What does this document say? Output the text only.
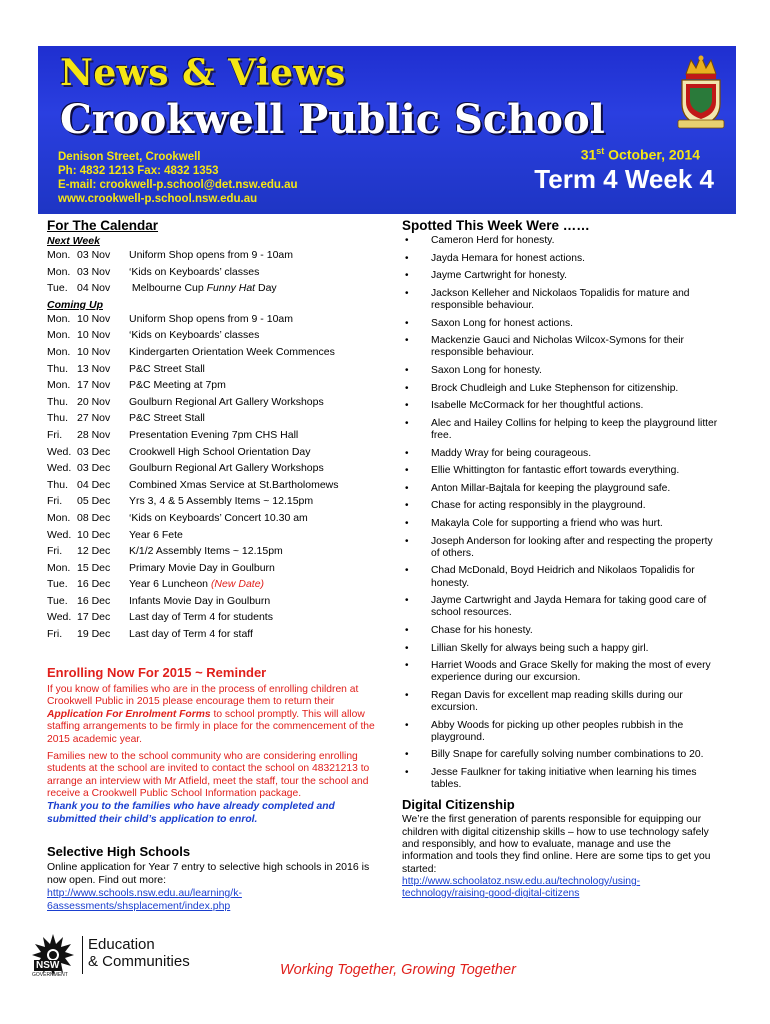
News & Views
Crookwell Public School
Denison Street, Crookwell
Ph: 4832 1213 Fax: 4832 1353
E-mail: crookwell-p.school@det.nsw.edu.au
www.crookwell-p.school.nsw.edu.au
31st October, 2014
Term 4 Week 4
For The Calendar
Next Week
Mon. 03 Nov	Uniform Shop opens from 9 - 10am
Mon. 03 Nov	‘Kids on Keyboards’ classes
Tue. 04 Nov	Melbourne Cup Funny Hat Day
Coming Up
Mon. 10 Nov	Uniform Shop opens from 9 - 10am
Mon. 10 Nov	‘Kids on Keyboards’ classes
Mon. 10 Nov	Kindergarten Orientation Week Commences
Thu. 13 Nov	P&C Street Stall
Mon. 17 Nov	P&C Meeting at 7pm
Thu. 20 Nov	Goulburn Regional Art Gallery Workshops
Thu. 27 Nov	P&C Street Stall
Fri.	28 Nov	Presentation Evening 7pm CHS Hall
Wed. 03 Dec	Crookwell High School Orientation Day
Wed. 03 Dec	Goulburn Regional Art Gallery Workshops
Thu. 04 Dec	Combined Xmas Service at St.Bartholomews
Fri.	05 Dec	Yrs 3, 4 & 5 Assembly Items ~ 12.15pm
Mon. 08 Dec	‘Kids on Keyboards’ Concert 10.30 am
Wed. 10 Dec	Year 6 Fete
Fri.	12 Dec	K/1/2 Assembly Items ~ 12.15pm
Mon. 15 Dec	Primary Movie Day in Goulburn
Tue. 16 Dec	Year 6 Luncheon (New Date)
Tue. 16 Dec	Infants Movie Day in Goulburn
Wed. 17 Dec	Last day of Term 4 for students
Fri.	19 Dec	Last day of Term 4 for staff
Enrolling Now For 2015 ~ Reminder
If you know of families who are in the process of enrolling children at Crookwell Public in 2015 please encourage them to return their Application For Enrolment Forms to school promptly. This will allow staffing arrangements to be firmly in place for the commencement of the 2015 academic year.
Families new to the school community who are considering enrolling students at the school are invited to contact the school on 48321213 to arrange an interview with Mr Atfield, meet the staff, tour the school and receive a Crookwell Public School Information package.
Thank you to the families who have already completed and submitted their child’s application to enrol.
Selective High Schools
Online application for Year 7 entry to selective high schools in 2016 is now open. Find out more:
http://www.schools.nsw.edu.au/learning/k-6assessments/shsplacement/index.php
Spotted This Week Were ……
• Cameron Herd for honesty.
• Jayda Hemara for honest actions.
• Jayme Cartwright for honesty.
• Jackson Kelleher and Nickolaos Topalidis for mature and responsible behaviour.
• Saxon Long for honest actions.
• Mackenzie Gauci and Nicholas Wilcox-Symons for their responsible behaviour.
• Saxon Long for honesty.
• Brock Chudleigh and Luke Stephenson for citizenship.
• Isabelle McCormack for her thoughtful actions.
• Alec and Hailey Collins for helping to keep the playground litter free.
• Maddy Wray for being courageous.
• Ellie Whittington for fantastic effort towards everything.
• Anton Millar-Bajtala for keeping the playground safe.
• Chase for acting responsibly in the playground.
• Makayla Cole for supporting a friend who was hurt.
• Joseph Anderson for looking after and respecting the property of others.
• Chad McDonald, Boyd Heidrich and Nikolaos Topalidis for honesty.
• Jayme Cartwright and Jayda Hemara for taking good care of school resources.
• Chase for his honesty.
• Lillian Skelly for always being such a happy girl.
• Harriet Woods and Grace Skelly for making the most of every experience during our excursion.
• Regan Davis for excellent map reading skills during our excursion.
• Abby Woods for picking up other peoples rubbish in the playground.
• Billy Snape for carefully solving number combinations to 20.
• Jesse Faulkner for taking initiative when learning his times tables.
Digital Citizenship
We’re the first generation of parents responsible for equipping our children with digital citizenship skills – how to use technology safely and responsibly, and how to evaluate, manage and use the information and tools they find online. Here are some tips to get you started:
http://www.schoolatoz.nsw.edu.au/technology/using-technology/raising-good-digital-citizens
NSW
GOVERNMENT
Education
& Communities	Working Together, Growing Together
